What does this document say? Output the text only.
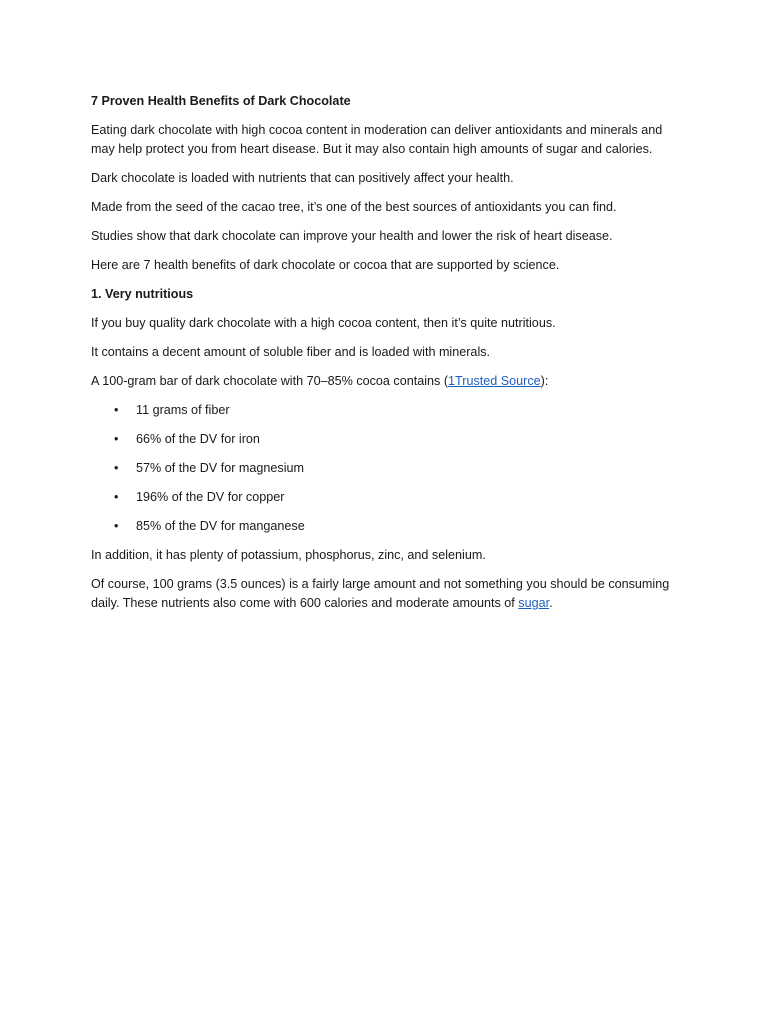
7 Proven Health Benefits of Dark Chocolate

Eating dark chocolate with high cocoa content in moderation can deliver antioxidants and minerals and may help protect you from heart disease. But it may also contain high amounts of sugar and calories.

Dark chocolate is loaded with nutrients that can positively affect your health.

Made from the seed of the cacao tree, it’s one of the best sources of antioxidants you can find.

Studies show that dark chocolate can improve your health and lower the risk of heart disease.

Here are 7 health benefits of dark chocolate or cocoa that are supported by science.

1. Very nutritious

If you buy quality dark chocolate with a high cocoa content, then it’s quite nutritious.

It contains a decent amount of soluble fiber and is loaded with minerals.

A 100-gram bar of dark chocolate with 70–85% cocoa contains (1Trusted Source):

• 11 grams of fiber
• 66% of the DV for iron
• 57% of the DV for magnesium
• 196% of the DV for copper
• 85% of the DV for manganese

In addition, it has plenty of potassium, phosphorus, zinc, and selenium.

Of course, 100 grams (3.5 ounces) is a fairly large amount and not something you should be consuming daily. These nutrients also come with 600 calories and moderate amounts of sugar.
